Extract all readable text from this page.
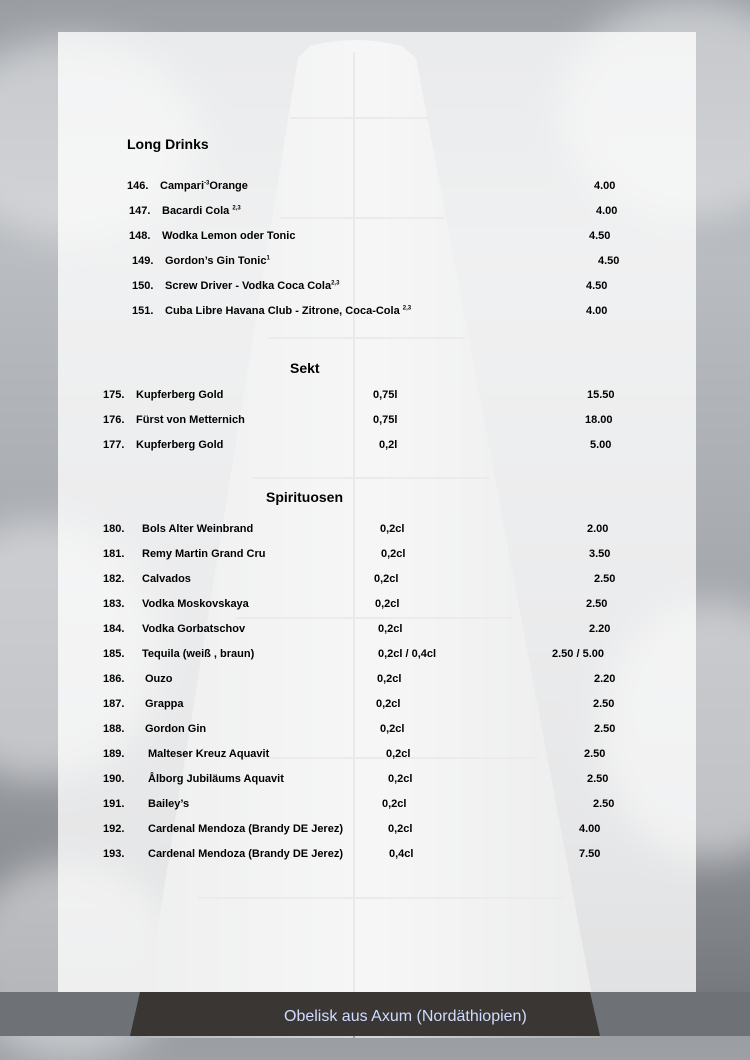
Long Drinks
146. Campari$^{-3}$Orange	4.00
147. Bacardi Cola $^{2,3}$	4.00
148. Wodka Lemon oder Tonic	4.50
149. Gordon’s Gin Tonic$^1$	4.50
150. Screw Driver - Vodka Coca Cola$^{2,3}$	4.50
151. Cuba Libre Havana Club - Zitrone, Coca-Cola $^{2,3}$	4.00
Sekt
175. Kupferberg Gold	0,75l	15.50
176. Fürst von Metternich	0,75l	18.00
177. Kupferberg Gold	0,2l	5.00
Spirituosen
180. Bols Alter Weinbrand	0,2cl	2.00
181. Remy Martin Grand Cru	0,2cl	3.50
182. Calvados	0,2cl	2.50
183. Vodka Moskovskaya	0,2cl	2.50
184. Vodka Gorbatschov	0,2cl	2.20
185. Tequila (weiß , braun)	0,2cl / 0,4cl	2.50 / 5.00
186. Ouzo	0,2cl	2.20
187. Grappa	0,2cl	2.50
188. Gordon Gin	0,2cl	2.50
189. Malteser Kreuz Aquavit	0,2cl	2.50
190. Ålborg Jubiläums Aquavit	0,2cl	2.50
191. Bailey’s	0,2cl	2.50
192. Cardenal Mendoza (Brandy DE Jerez)	0,2cl	4.00
193. Cardenal Mendoza (Brandy DE Jerez)	0,4cl	7.50
Obelisk aus Axum (Nordäthiopien)
